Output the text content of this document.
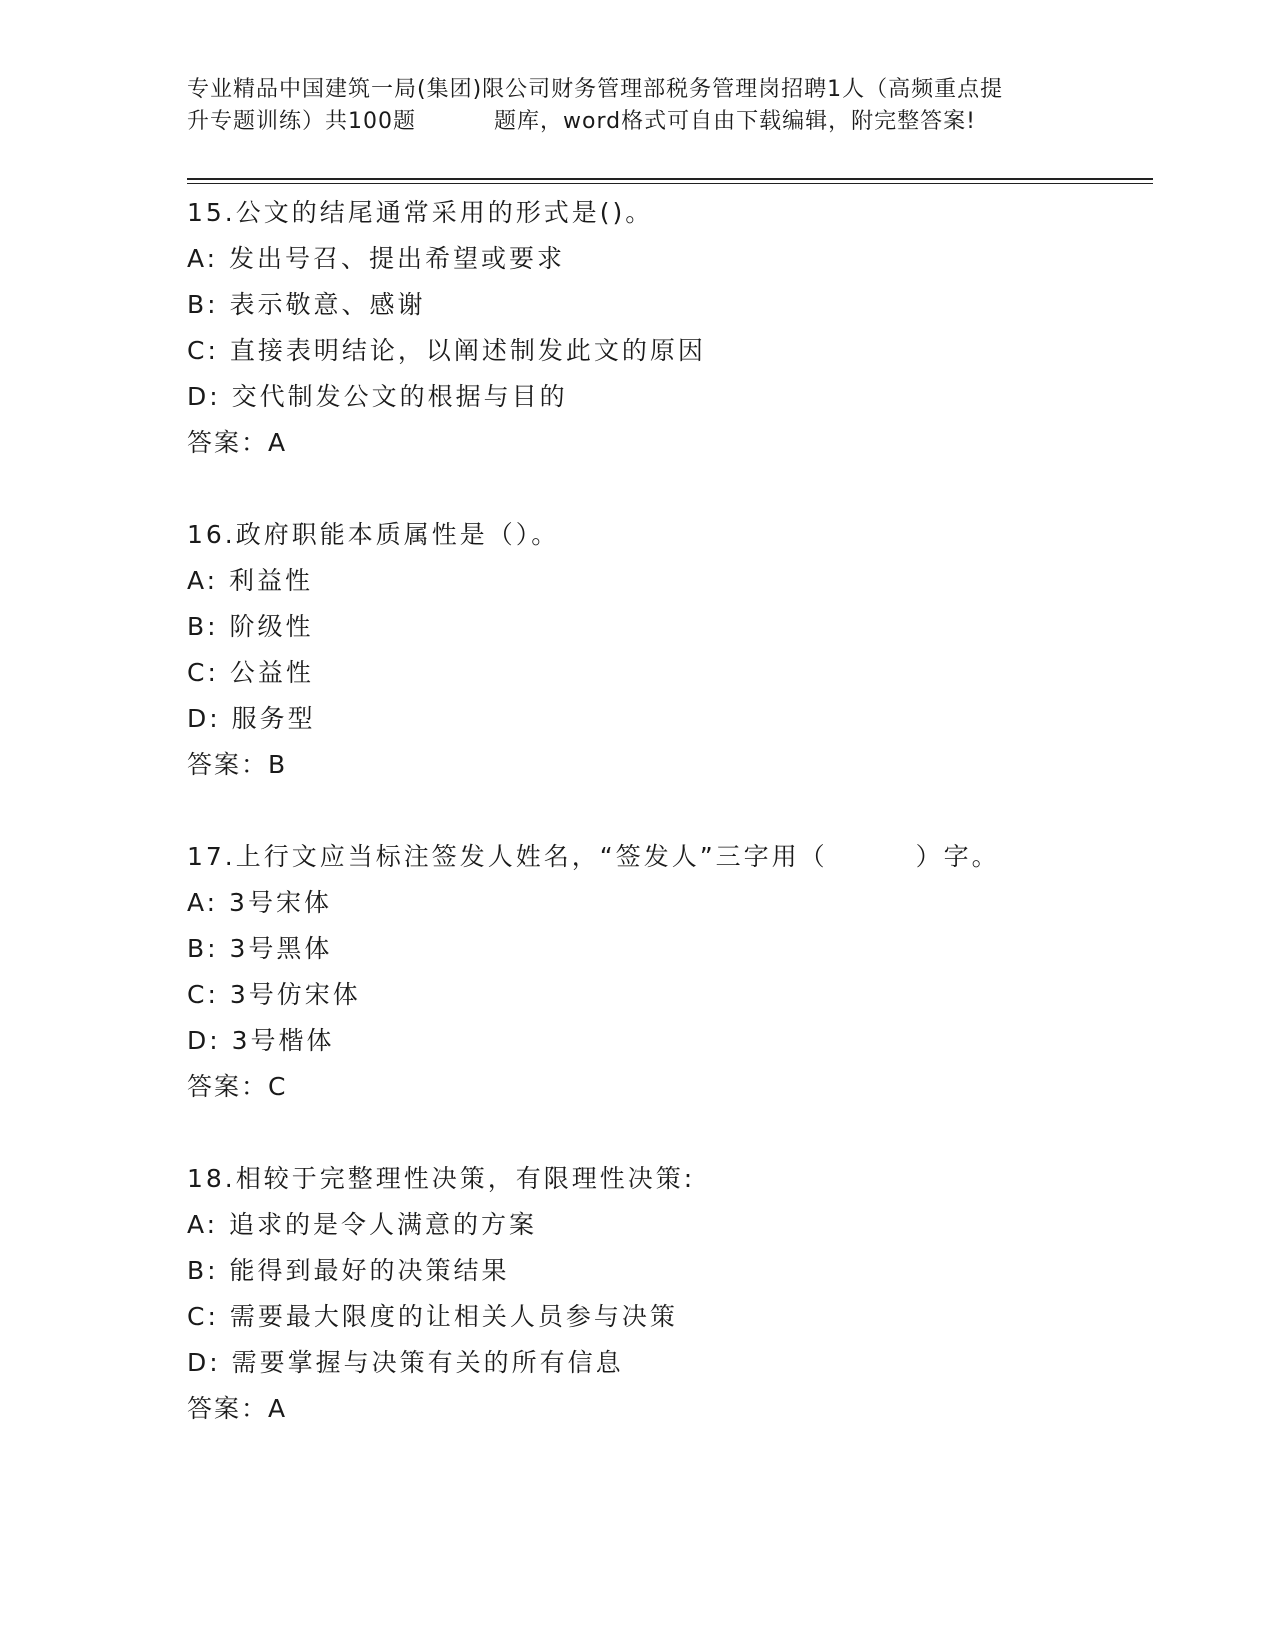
专业精品中国建筑一局(集团)限公司财务管理部税务管理岗招聘1人（高频重点提
升专题训练）共100题	题库，word格式可自由下载编辑，附完整答案!
15.公文的结尾通常采用的形式是()。
A: 发出号召、提出希望或要求
B: 表示敬意、感谢
C: 直接表明结论，以阐述制发此文的原因
D: 交代制发公文的根据与目的
答案：A
16.政府职能本质属性是（）。
A: 利益性
B: 阶级性
C: 公益性
D: 服务型
答案：B
17.上行文应当标注签发人姓名，“签发人”三字用（	）字。
A: 3号宋体
B: 3号黑体
C: 3号仿宋体
D: 3号楷体
答案：C
18.相较于完整理性决策，有限理性决策:
A: 追求的是令人满意的方案
B: 能得到最好的决策结果
C: 需要最大限度的让相关人员参与决策
D: 需要掌握与决策有关的所有信息
答案：A
